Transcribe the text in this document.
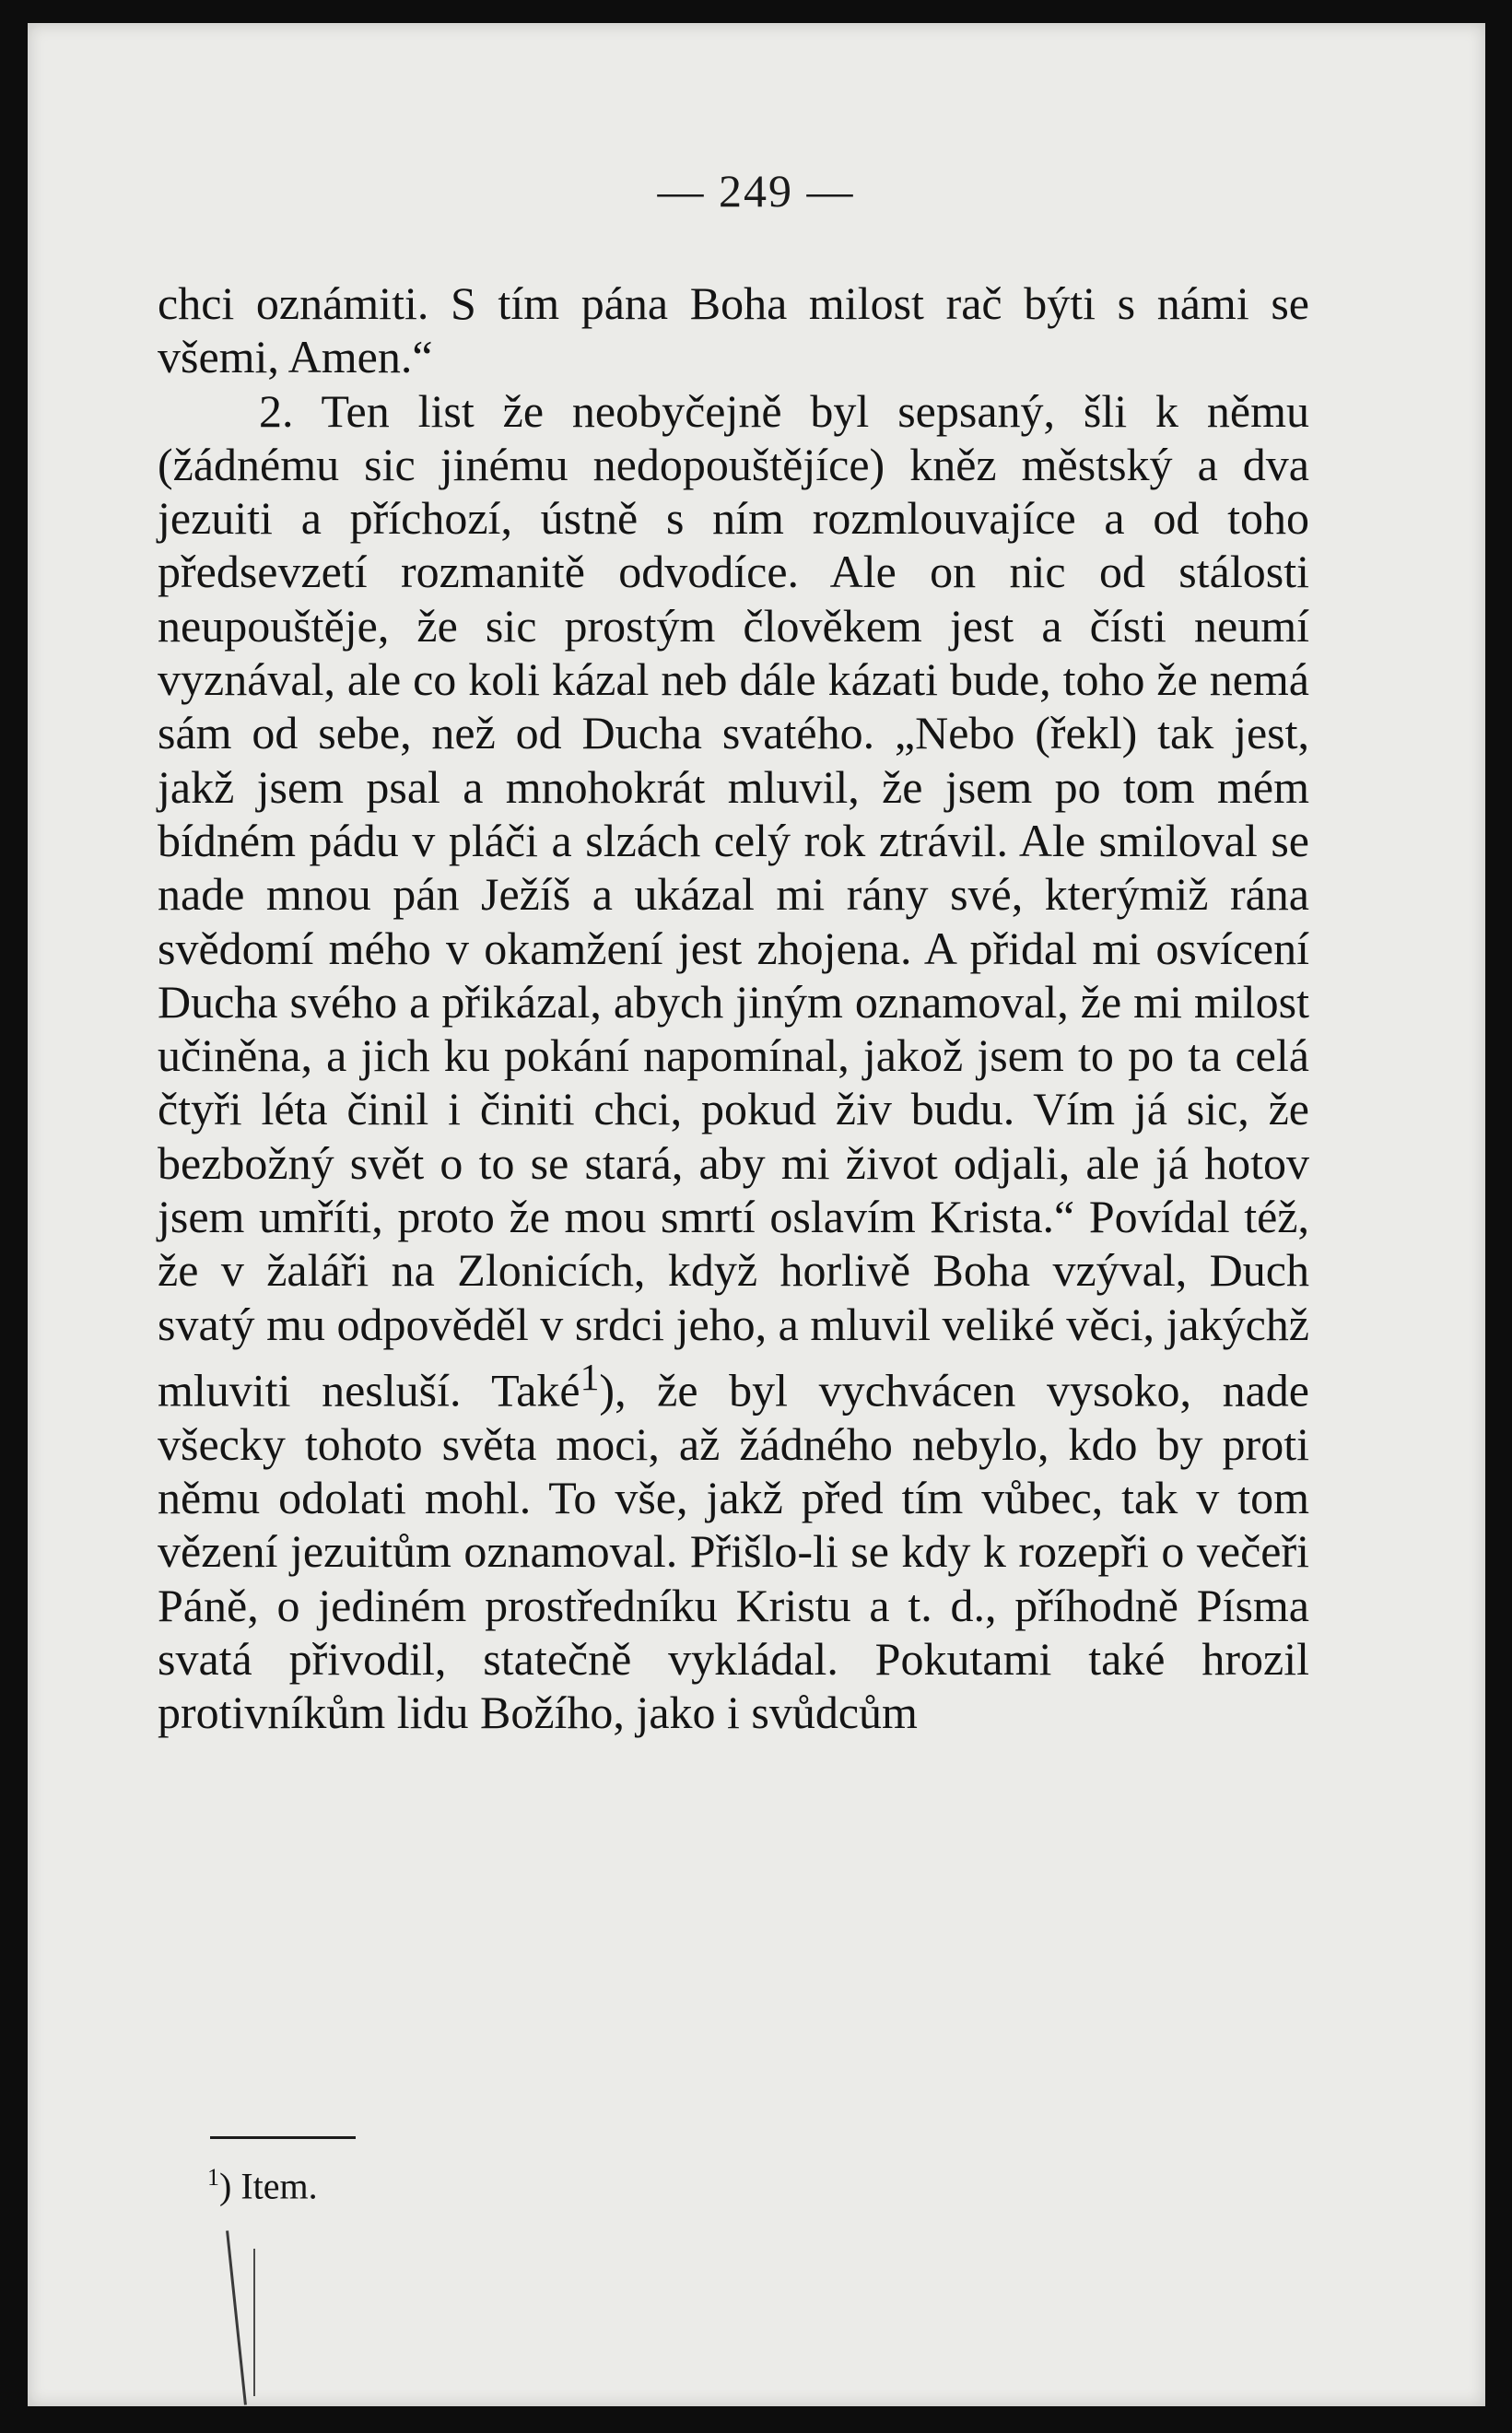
— 249 —

chci oznámiti. S tím pána Boha milost rač býti s námi se všemi, Amen.“

2. Ten list že neobyčejně byl sepsaný, šli k němu (žádnému sic jinému nedopouštějíce) kněz městský a dva jezuiti a příchozí, ústně s ním rozmlouvajíce a od toho předsevzetí rozmanitě odvodíce. Ale on nic od stálosti neupouštěje, že sic prostým člověkem jest a čísti neumí vyznával, ale co koli kázal neb dále kázati bude, toho že nemá sám od sebe, než od Ducha svatého. „Nebo (řekl) tak jest, jakž jsem psal a mnohokrát mluvil, že jsem po tom mém bídném pádu v pláči a slzách celý rok ztrávil. Ale smiloval se nade mnou pán Ježíš a ukázal mi rány své, kterýmiž rána svědomí mého v okamžení jest zhojena. A přidal mi osvícení Ducha svého a přikázal, abych jiným oznamoval, že mi milost učiněna, a jich ku pokání napomínal, jakož jsem to po ta celá čtyři léta činil i činiti chci, pokud živ budu. Vím já sic, že bezbožný svět o to se stará, aby mi život odjali, ale já hotov jsem umříti, proto že mou smrtí oslavím Krista.“ Povídal též, že v žaláři na Zlonicích, když horlivě Boha vzýval, Duch svatý mu odpověděl v srdci jeho, a mluvil veliké věci, jakýchž mluviti nesluší. Také$^1$), že byl vychvácen vysoko, nade všecky tohoto světa moci, až žádného nebylo, kdo by proti němu odolati mohl. To vše, jakž před tím vůbec, tak v tom vězení jezuitům oznamoval. Přišlo-li se kdy k rozepři o večeři Páně, o jediném prostředníku Kristu a t. d., příhodně Písma svatá přivodil, statečně vykládal. Pokutami také hrozil protivníkům lidu Božího, jako i svůdcům

$^1$) Item.
